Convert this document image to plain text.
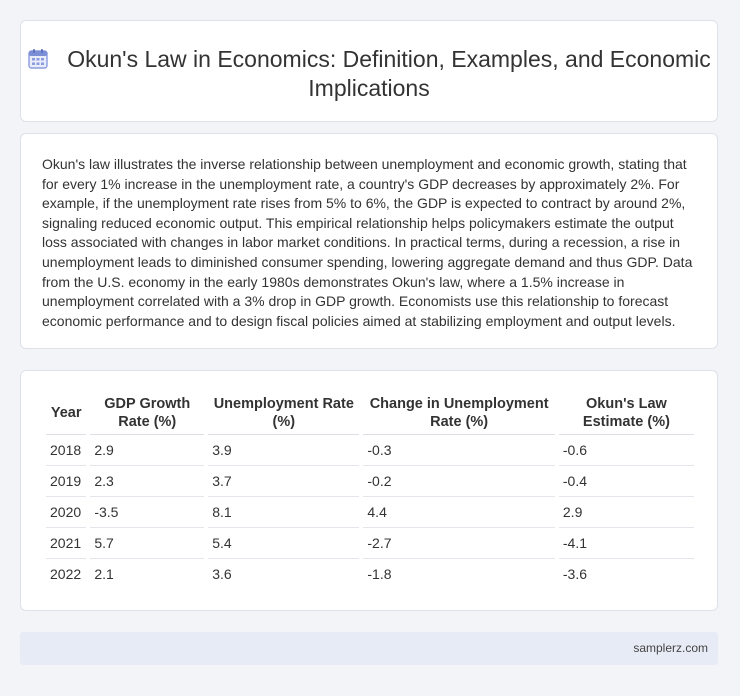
Okun's Law in Economics: Definition, Examples, and Economic Implications

Okun's law illustrates the inverse relationship between unemployment and economic growth, stating that for every 1% increase in the unemployment rate, a country's GDP decreases by approximately 2%. For example, if the unemployment rate rises from 5% to 6%, the GDP is expected to contract by around 2%, signaling reduced economic output. This empirical relationship helps policymakers estimate the output loss associated with changes in labor market conditions. In practical terms, during a recession, a rise in unemployment leads to diminished consumer spending, lowering aggregate demand and thus GDP. Data from the U.S. economy in the early 1980s demonstrates Okun's law, where a 1.5% increase in unemployment correlated with a 3% drop in GDP growth. Economists use this relationship to forecast economic performance and to design fiscal policies aimed at stabilizing employment and output levels.

Year	GDP Growth Rate (%)	Unemployment Rate (%)	Change in Unemployment Rate (%)	Okun's Law Estimate (%)
2018	2.9	3.9	-0.3	-0.6
2019	2.3	3.7	-0.2	-0.4
2020	-3.5	8.1	4.4	2.9
2021	5.7	5.4	-2.7	-4.1
2022	2.1	3.6	-1.8	-3.6
samplerz.com
